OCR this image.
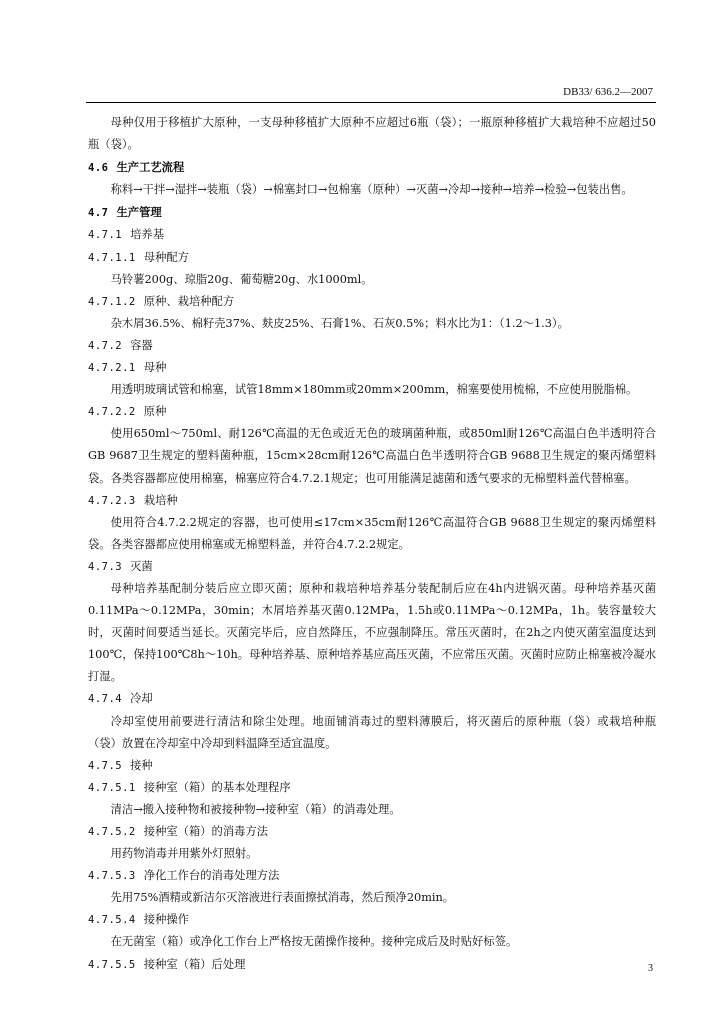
DB33/ 636.2—2007
母种仅用于移植扩大原种，一支母种移植扩大原种不应超过6瓶（袋）；一瓶原种移植扩大栽培种不应超过50瓶（袋）。
4.6 生产工艺流程
称料→干拌→湿拌→装瓶（袋）→棉塞封口→包棉塞（原种）→灭菌→冷却→接种→培养→检验→包装出售。
4.7 生产管理
4.7.1 培养基
4.7.1.1 母种配方
马铃薯200g、琼脂20g、葡萄糖20g、水1000ml。
4.7.1.2 原种、栽培种配方
杂木屑36.5%、棉籽壳37%、麸皮25%、石膏1%、石灰0.5%；料水比为1：（1.2～1.3）。
4.7.2 容器
4.7.2.1 母种
用透明玻璃试管和棉塞，试管18mm×180mm或20mm×200mm，棉塞要使用梳棉，不应使用脱脂棉。
4.7.2.2 原种
使用650ml～750ml、耐126℃高温的无色或近无色的玻璃菌种瓶，或850ml耐126℃高温白色半透明符合GB 9687卫生规定的塑料菌种瓶，15cm×28cm耐126℃高温白色半透明符合GB 9688卫生规定的聚丙烯塑料袋。各类容器都应使用棉塞，棉塞应符合4.7.2.1规定；也可用能满足滤菌和透气要求的无棉塑料盖代替棉塞。
4.7.2.3 栽培种
使用符合4.7.2.2规定的容器，也可使用≤17cm×35cm耐126℃高温符合GB 9688卫生规定的聚丙烯塑料袋。各类容器都应使用棉塞或无棉塑料盖，并符合4.7.2.2规定。
4.7.3 灭菌
母种培养基配制分装后应立即灭菌；原种和栽培种培养基分装配制后应在4h内进锅灭菌。母种培养基灭菌0.11MPa～0.12MPa，30min；木屑培养基灭菌0.12MPa，1.5h或0.11MPa～0.12MPa，1h。装容量较大时，灭菌时间要适当延长。灭菌完毕后，应自然降压，不应强制降压。常压灭菌时，在2h之内使灭菌室温度达到100℃，保持100℃8h～10h。母种培养基、原种培养基应高压灭菌，不应常压灭菌。灭菌时应防止棉塞被冷凝水打湿。
4.7.4 冷却
冷却室使用前要进行清洁和除尘处理。地面铺消毒过的塑料薄膜后，将灭菌后的原种瓶（袋）或栽培种瓶（袋）放置在冷却室中冷却到料温降至适宜温度。
4.7.5 接种
4.7.5.1 接种室（箱）的基本处理程序
清洁→搬入接种物和被接种物→接种室（箱）的消毒处理。
4.7.5.2 接种室（箱）的消毒方法
用药物消毒并用紫外灯照射。
4.7.5.3 净化工作台的消毒处理方法
先用75%酒精或新洁尔灭溶液进行表面擦拭消毒，然后预净20min。
4.7.5.4 接种操作
在无菌室（箱）或净化工作台上严格按无菌操作接种。接种完成后及时贴好标签。
4.7.5.5 接种室（箱）后处理	3
